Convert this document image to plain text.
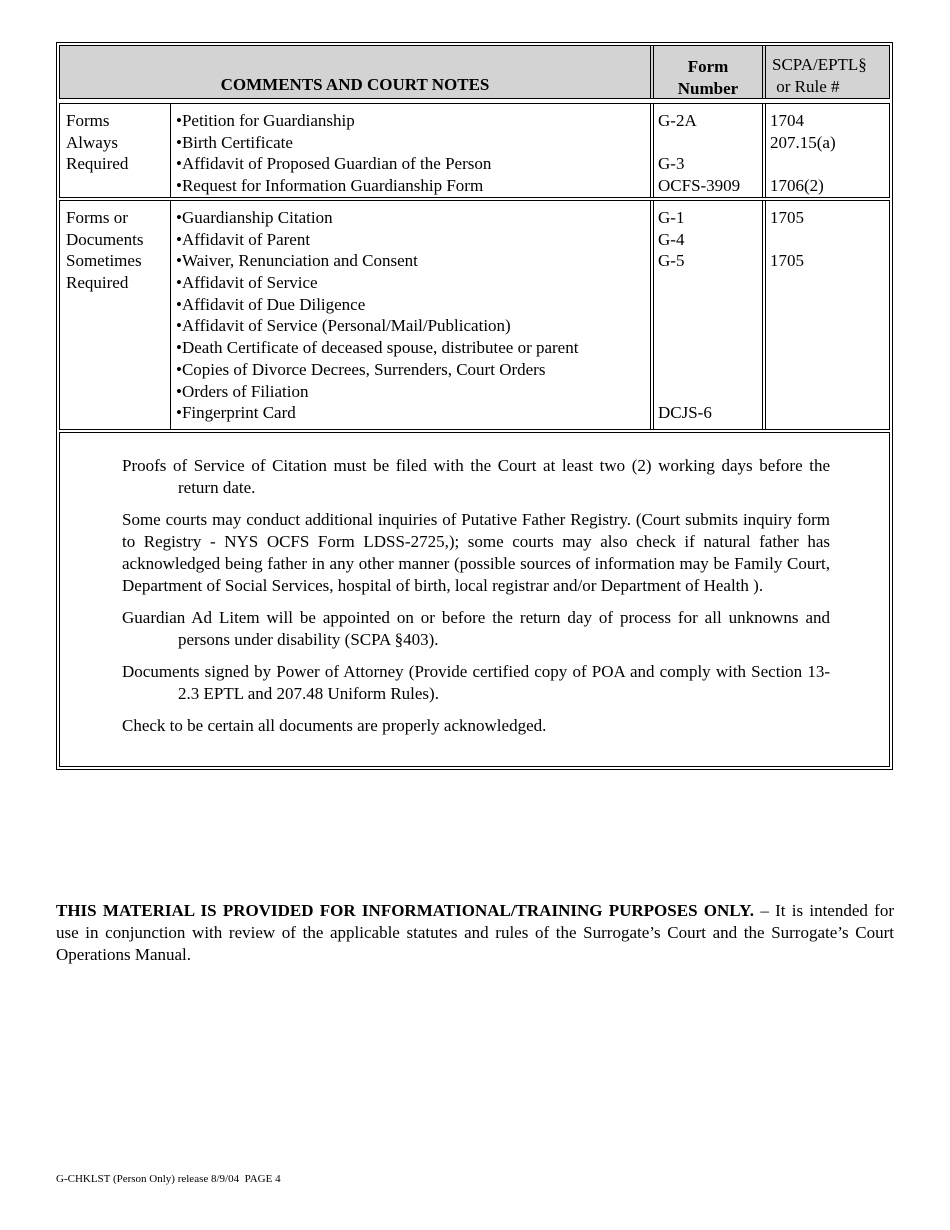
COMMENTS AND COURT NOTES
Form
Number
SCPA/EPTL§
or Rule #
Forms
Always
Required
•Petition for Guardianship
•Birth Certificate
•Affidavit of Proposed Guardian of the Person
•Request for Information Guardianship Form
G-2A
G-3
OCFS-3909
1704
207.15(a)
1706(2)
Forms or
Documents
Sometimes
Required
•Guardianship Citation
•Affidavit of Parent
•Waiver, Renunciation and Consent
•Affidavit of Service
•Affidavit of Due Diligence
•Affidavit of Service (Personal/Mail/Publication)
•Death Certificate of deceased spouse, distributee or parent
•Copies of Divorce Decrees, Surrenders, Court Orders
•Orders of Filiation
•Fingerprint Card
G-1
G-4
G-5
DCJS-6
1705
1705

Proofs of Service of Citation must be filed with the Court at least two (2) working days before the return date.

Some courts may conduct additional inquiries of Putative Father Registry. (Court submits inquiry form to Registry - NYS OCFS Form LDSS-2725,); some courts may also check if natural father has acknowledged being father in any other manner (possible sources of information may be Family Court, Department of Social Services, hospital of birth, local registrar and/or Department of Health ).

Guardian Ad Litem will be appointed on or before the return day of process for all unknowns and persons under disability (SCPA §403).

Documents signed by Power of Attorney (Provide certified copy of POA and comply with Section 13-2.3 EPTL and 207.48 Uniform Rules).

Check to be certain all documents are properly acknowledged.

THIS MATERIAL IS PROVIDED FOR INFORMATIONAL/TRAINING PURPOSES ONLY. – It is intended for use in conjunction with review of the applicable statutes and rules of the Surrogate’s Court and the Surrogate’s Court Operations Manual.
G-CHKLST (Person Only) release 8/9/04  PAGE 4
